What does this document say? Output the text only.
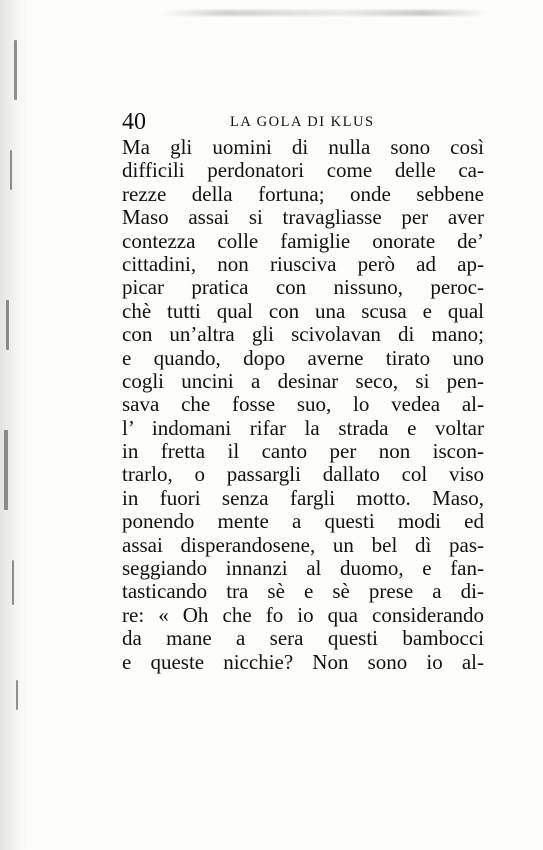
40	LA GOLA DI KLUS
Ma gli uomini di nulla sono così
difficili perdonatori come delle ca-
rezze della fortuna; onde sebbene
Maso assai si travagliasse per aver
contezza colle famiglie onorate de’
cittadini, non riusciva però ad ap-
picar pratica con nissuno, peroc-
chè tutti qual con una scusa e qual
con un’altra gli scivolavan di mano;
e quando, dopo averne tirato uno
cogli uncini a desinar seco, si pen-
sava che fosse suo, lo vedea al-
l’ indomani rifar la strada e voltar
in fretta il canto per non iscon-
trarlo, o passargli dallato col viso
in fuori senza fargli motto. Maso,
ponendo mente a questi modi ed
assai disperandosene, un bel dì pas-
seggiando innanzi al duomo, e fan-
tasticando tra sè e sè prese a di-
re: « Oh che fo io qua considerando
da mane a sera questi bambocci
e queste nicchie? Non sono io al-
